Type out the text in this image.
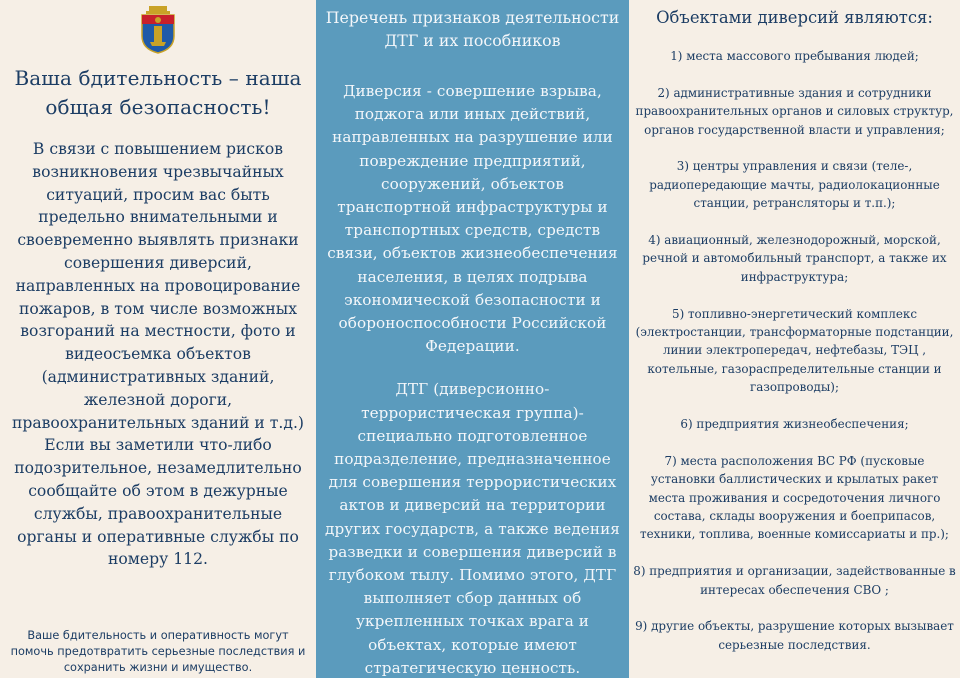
Ваша бдительность – наша общая безопасность!

В связи с повышением рисков возникновения чрезвычайных ситуаций, просим вас быть предельно внимательными и своевременно выявлять признаки совершения диверсий, направленных на провоцирование пожаров, в том числе возможных возгораний на местности, фото и видеосъемка объектов (административных зданий, железной дороги, правоохранительных зданий и т.д.) Если вы заметили что-либо подозрительное, незамедлительно сообщайте об этом в дежурные службы, правоохранительные органы и оперативные службы по номеру 112.

Ваше бдительность и оперативность могут помочь предотвратить серьезные последствия и сохранить жизни и имущество.
Перечень признаков деятельности ДТГ и их пособников

Диверсия - совершение взрыва, поджога или иных действий, направленных на разрушение или повреждение предприятий, сооружений, объектов транспортной инфраструктуры и транспортных средств, средств связи, объектов жизнеобеспечения населения, в целях подрыва экономической безопасности и обороноспособности Российской Федерации.

ДТГ (диверсионно-террористическая группа)- специально подготовленное подразделение, предназначенное для совершения террористических актов и диверсий на территории других государств, а также ведения разведки и совершения диверсий в глубоком тылу. Помимо этого, ДТГ выполняет сбор данных об укрепленных точках врага и объектах, которые имеют стратегическую ценность.

Объектами диверсий являются:
1) места массового пребывания людей;
2) административные здания и сотрудники правоохранительных органов и силовых структур, органов государственной власти и управления;
3) центры управления и связи (теле-, радиопередающие мачты, радиолокационные станции, ретрансляторы и т.п.);
4) авиационный, железнодорожный, морской, речной и автомобильный транспорт, а также их инфраструктура;
5) топливно-энергетический комплекс (электростанции, трансформаторные подстанции, линии электропередач, нефтебазы, ТЭЦ , котельные, газораспределительные станции и газопроводы);
6) предприятия жизнеобеспечения;
7) места расположения ВС РФ (пусковые установки баллистических и крылатых ракет места проживания и сосредоточения личного состава, склады вооружения и боеприпасов, техники, топлива, военные комиссариаты и пр.);
8) предприятия и организации, задействованные в интересах обеспечения СВО ;
9) другие объекты, разрушение которых вызывает серьезные последствия.
